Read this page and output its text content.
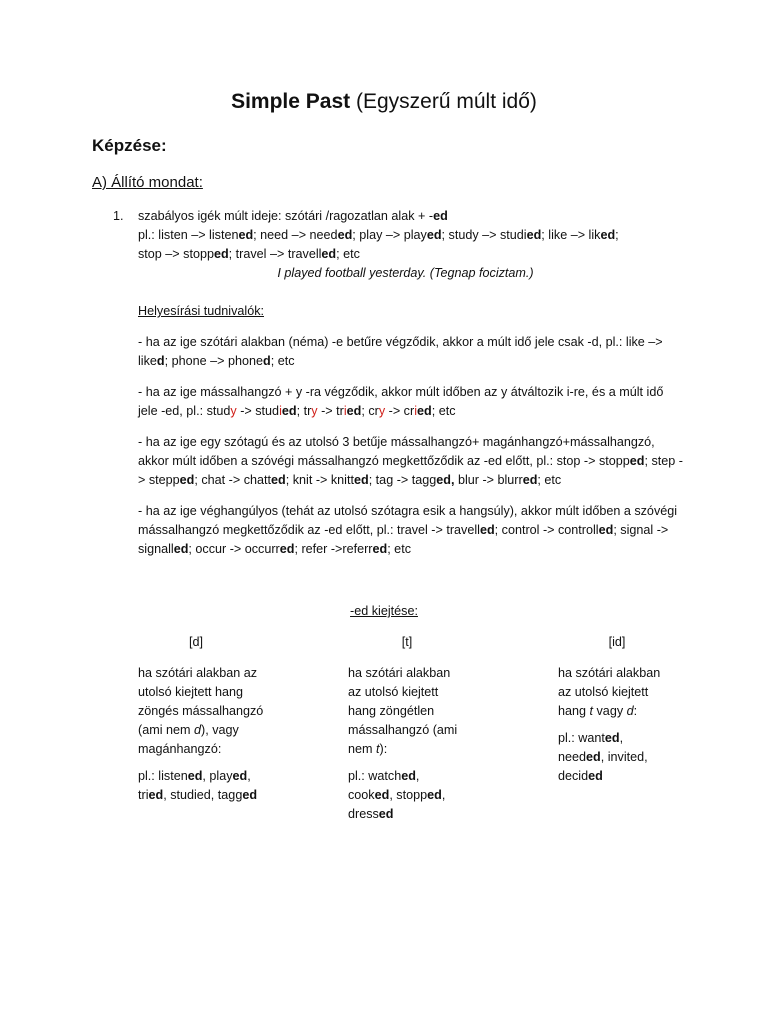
Simple Past (Egyszerű múlt idő)
Képzése:
A) Állító mondat:
1. szabályos igék múlt ideje: szótári /ragozatlan alak + -ed
pl.: listen –> listened; need –> needed; play –> played; study –> studied; like –> liked;
stop –> stopped; travel –> travelled; etc
I played football yesterday. (Tegnap fociztam.)
Helyesírási tudnivalók:
- ha az ige szótári alakban (néma) -e betűre végződik, akkor a múlt idő jele csak -d, pl.: like –> liked; phone –> phoned; etc
- ha az ige mássalhangzó + y -ra végződik, akkor múlt időben az y átváltozik i-re, és a múlt idő jele -ed, pl.: study -> studied; try -> tried; cry -> cried; etc
- ha az ige egy szótagú és az utolsó 3 betűje mássalhangzó+ magánhangzó+mássalhangzó, akkor múlt időben a szóvégi mássalhangzó megkettőződik az -ed előtt, pl.: stop -> stopped; step -> stepped; chat -> chatted; knit -> knitted; tag -> tagged, blur -> blurred; etc
- ha az ige véghangúlyos (tehát az utolsó szótagra esik a hangsúly), akkor múlt időben a szóvégi mássalhangzó megkettőződik az -ed előtt, pl.: travel -> travelled; control -> controlled; signal -> signalled; occur -> occurred; refer ->referred; etc
-ed kiejtése:
[d]	[t]	[id]

ha szótári alakban az utolsó kiejtett hang zöngés mássalhangzó (ami nem d), vagy magánhangzó:

pl.: listened, played, tried, studied, tagged

ha szótári alakban az utolsó kiejtett hang zöngétlen mássalhangzó (ami nem t):

pl.: watched, cooked, stopped, dressed

ha szótári alakban az utolsó kiejtett hang t vagy d:

pl.: wanted, needed, invited, decided
